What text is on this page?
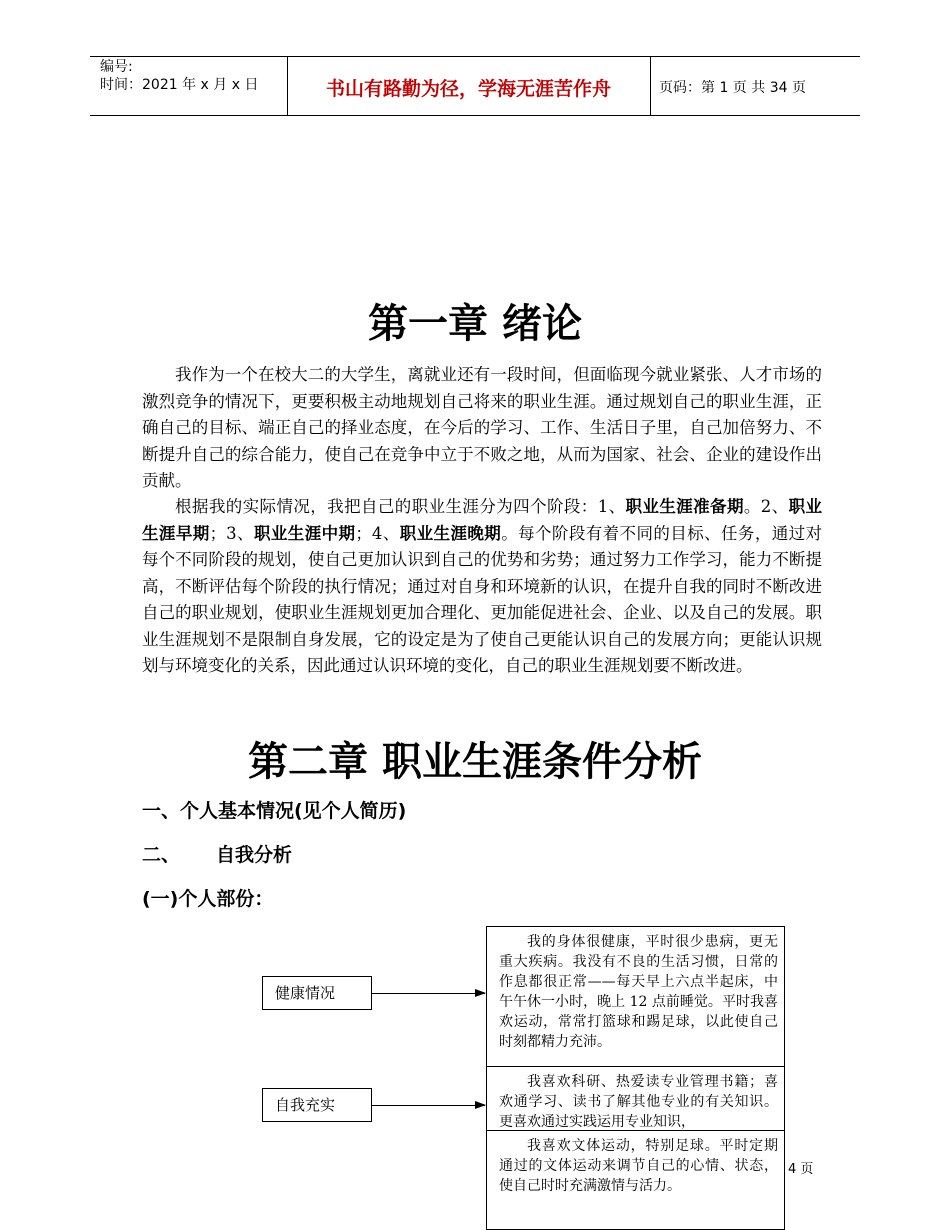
编号:
时间：2021 年 x 月 x 日	书山有路勤为径，学海无涯苦作舟	页码：第 1 页 共 34 页
第一章 绪论

我作为一个在校大二的大学生，离就业还有一段时间，但面临现今就业紧张、人才市场的激烈竞争的情况下，更要积极主动地规划自己将来的职业生涯。通过规划自己的职业生涯，正确自己的目标、端正自己的择业态度，在今后的学习、工作、生活日子里，自己加倍努力、不断提升自己的综合能力，使自己在竞争中立于不败之地，从而为国家、社会、企业的建设作出贡献。

根据我的实际情况，我把自己的职业生涯分为四个阶段：1、职业生涯准备期。2、职业生涯早期；3、职业生涯中期；4、职业生涯晚期。每个阶段有着不同的目标、任务，通过对每个不同阶段的规划，使自己更加认识到自己的优势和劣势；通过努力工作学习，能力不断提高，不断评估每个阶段的执行情况；通过对自身和环境新的认识，在提升自我的同时不断改进自己的职业规划，使职业生涯规划更加合理化、更加能促进社会、企业、以及自己的发展。职业生涯规划不是限制自身发展，它的设定是为了使自己更能认识自己的发展方向；更能认识规划与环境变化的关系，因此通过认识环境的变化，自己的职业生涯规划要不断改进。

第二章 职业生涯条件分析
一、个人基本情况(见个人简历)
二、 自我分析
(一)个人部份：

我的身体很健康，平时很少患病，更无重大疾病。我没有不良的生活习惯，日常的作息都很正常——每天早上六点半起床，中午午休一小时，晚上 12 点前睡觉。平时我喜欢运动，常常打篮球和踢足球，以此使自己时刻都精力充沛。

我喜欢科研、热爱读专业管理书籍；喜欢通学习、读书了解其他专业的有关知识。更喜欢通过实践运用专业知识，

我喜欢文体运动，特别足球。平时定期通过的文体运动来调节自己的心情、状态，使自己时时充满激情与活力。

健康情况
自我充实
4 页
